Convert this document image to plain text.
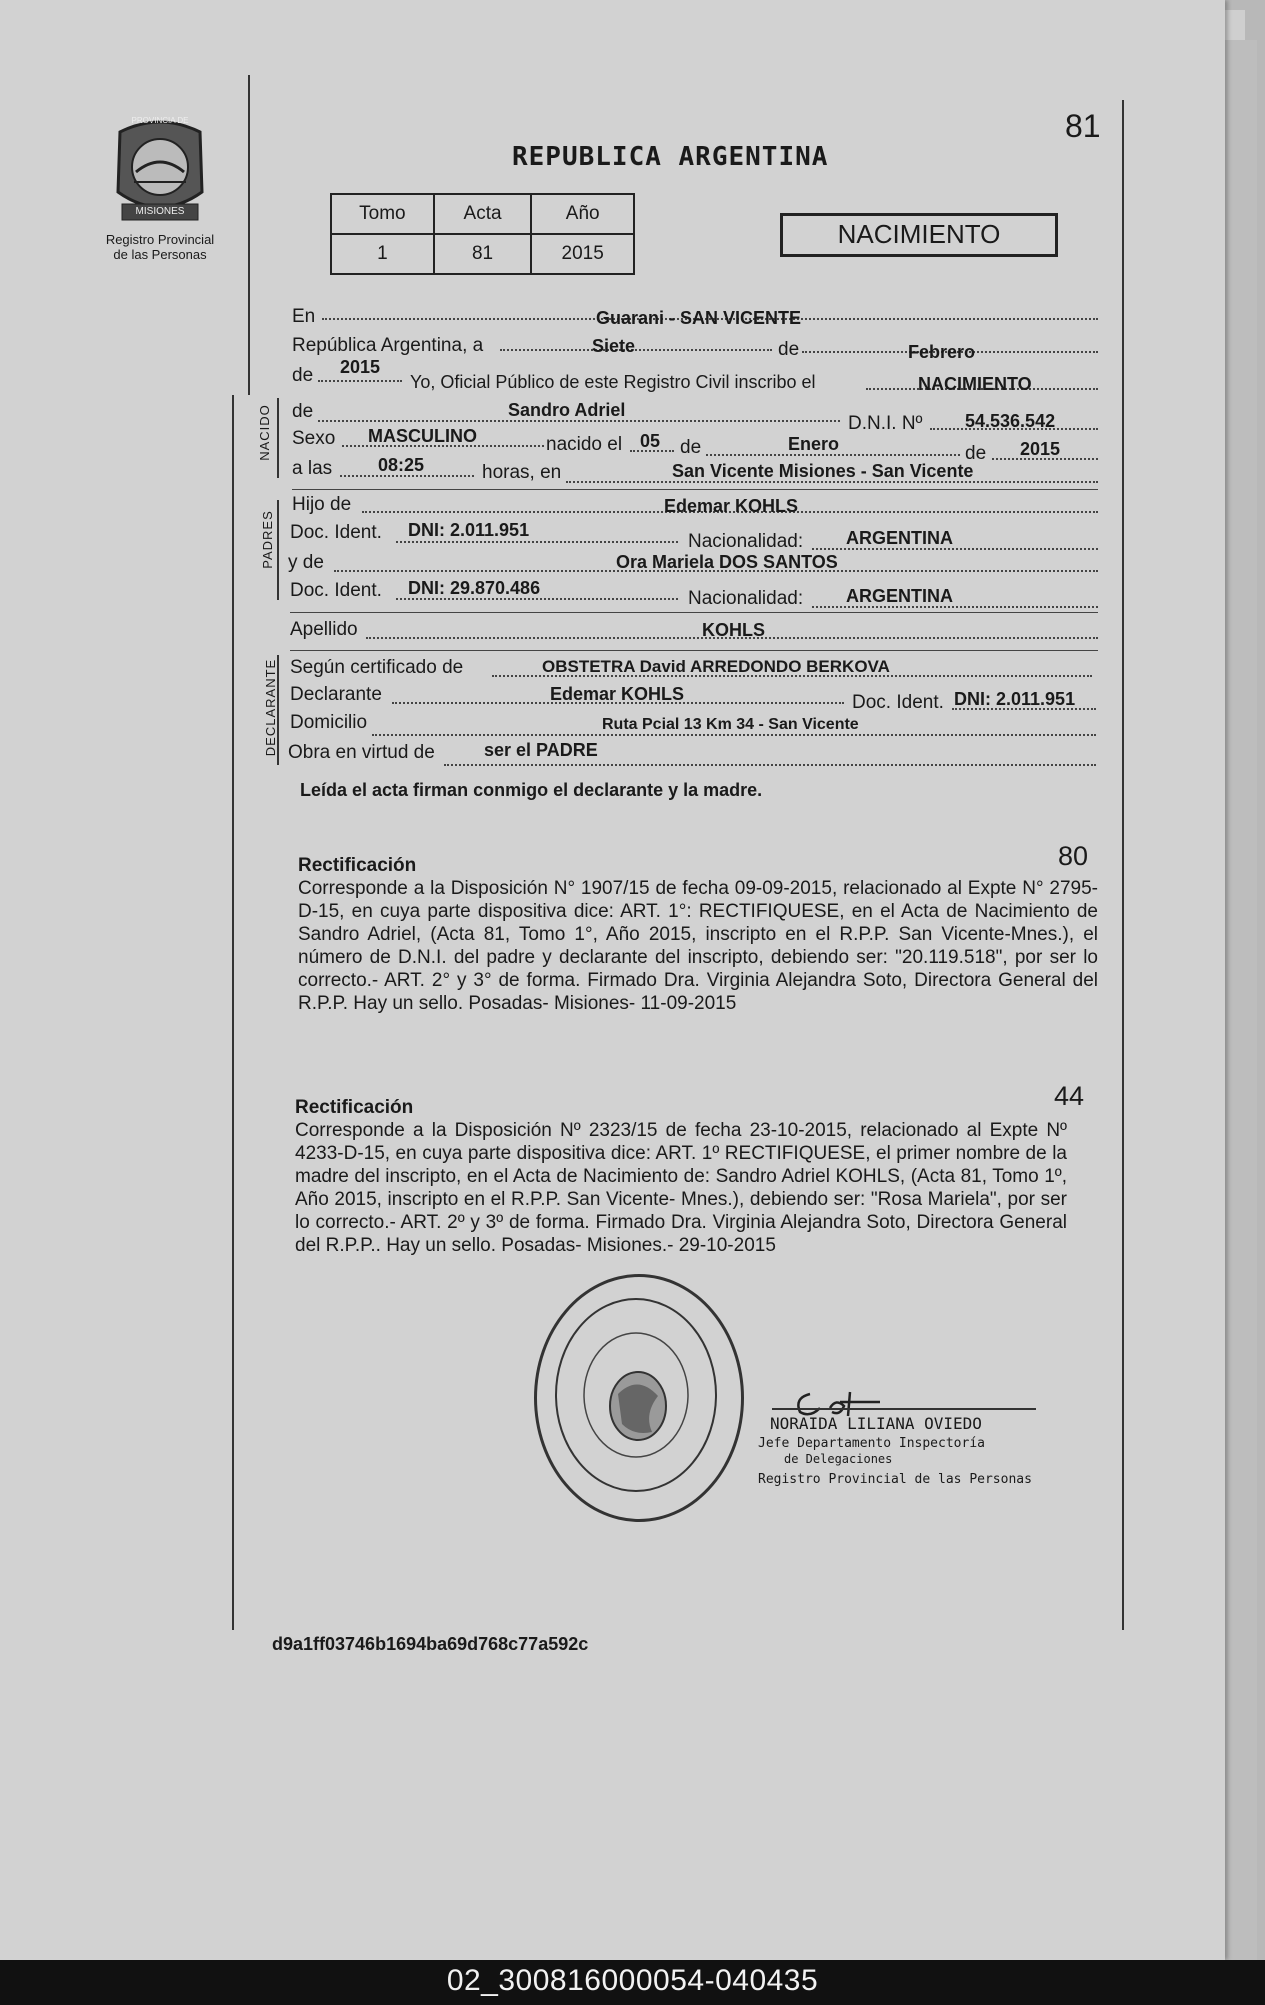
PROVINCIA DE
MISIONES
Registro Provincial
de las Personas
81
REPUBLICA ARGENTINA
Tomo	Acta	Año
1	81	2015
NACIMIENTO
NACIDO
PADRES
DECLARANTE
En	Guarani - SAN VICENTE
República Argentina, a	Siete	de	Febrero
de 2015
Yo, Oficial Público de este Registro Civil inscribo el	NACIMIENTO
de	Sandro Adriel
D.N.I. Nº 54.536.542
Sexo MASCULINO	nacido el 05 de	Enero	de 2015
a las	08:25	horas, en	San Vicente Misiones - San Vicente
Hijo de	Edemar KOHLS
Doc. Ident. DNI: 2.011.951
Nacionalidad: ARGENTINA
y de	Ora Mariela DOS SANTOS
Doc. Ident. DNI: 29.870.486	Nacionalidad: ARGENTINA
Apellido	KOHLS
Según certificado de	OBSTETRA David ARREDONDO BERKOVA
Declarante	Edemar KOHLS	Doc. Ident. DNI: 2.011.951
Domicilio	Ruta Pcial 13 Km 34 - San Vicente
Obra en virtud de	ser el PADRE
Leída el acta firman conmigo el declarante y la madre.
80
Rectificación
Corresponde a la Disposición N° 1907/15 de fecha 09-09-2015, relacionado al Expte N° 2795-D-15, en cuya parte dispositiva dice: ART. 1°: RECTIFIQUESE, en el Acta de Nacimiento de Sandro Adriel, (Acta 81, Tomo 1°, Año 2015, inscripto en el R.P.P. San Vicente-Mnes.), el número de D.N.I. del padre y declarante del inscripto, debiendo ser: "20.119.518", por ser lo correcto.- ART. 2° y 3° de forma. Firmado Dra. Virginia Alejandra Soto, Directora General del R.P.P. Hay un sello. Posadas- Misiones- 11-09-2015
44
Rectificación
Corresponde a la Disposición Nº 2323/15 de fecha 23-10-2015, relacionado al Expte Nº 4233-D-15, en cuya parte dispositiva dice: ART. 1º RECTIFIQUESE, el primer nombre de la madre del inscripto, en el Acta de Nacimiento de: Sandro Adriel KOHLS, (Acta 81, Tomo 1º, Año 2015, inscripto en el R.P.P. San Vicente- Mnes.), debiendo ser: "Rosa Mariela", por ser lo correcto.- ART. 2º y 3º de forma. Firmado Dra. Virginia Alejandra Soto, Directora General del R.P.P.. Hay un sello. Posadas- Misiones.- 29-10-2015
NORAIDA LILIANA OVIEDO
Jefe Departamento Inspectoría
de Delegaciones
Registro Provincial de las Personas
d9a1ff03746b1694ba69d768c77a592c
02_300816000054-040435
